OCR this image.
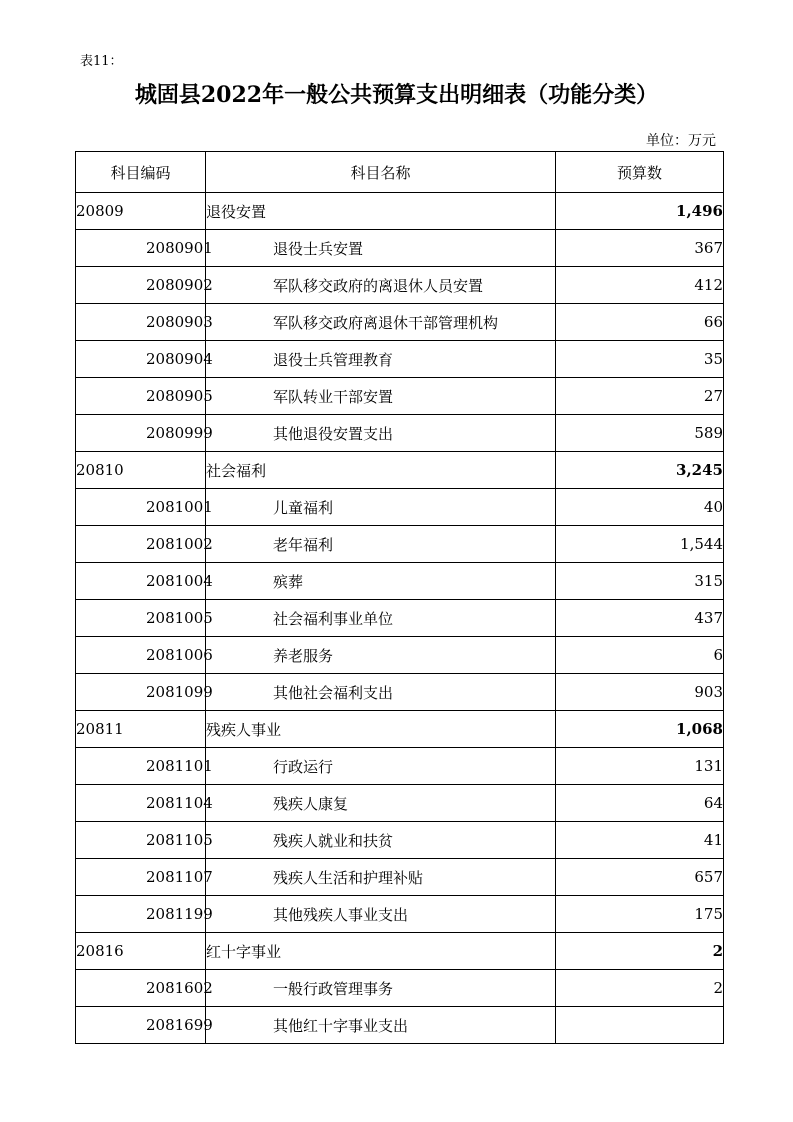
表11：
城固县2022年一般公共预算支出明细表（功能分类）
单位：万元
科目编码	科目名称	预算数
20809	退役安置	1,496
2080901	退役士兵安置	367
2080902	军队移交政府的离退休人员安置	412
2080903	军队移交政府离退休干部管理机构	66
2080904	退役士兵管理教育	35
2080905	军队转业干部安置	27
2080999	其他退役安置支出	589
20810	社会福利	3,245
2081001	儿童福利	40
2081002	老年福利	1,544
2081004	殡葬	315
2081005	社会福利事业单位	437
2081006	养老服务	6
2081099	其他社会福利支出	903
20811	残疾人事业	1,068
2081101	行政运行	131
2081104	残疾人康复	64
2081105	残疾人就业和扶贫	41
2081107	残疾人生活和护理补贴	657
2081199	其他残疾人事业支出	175
20816	红十字事业	2
2081602	一般行政管理事务	2
2081699	其他红十字事业支出	
